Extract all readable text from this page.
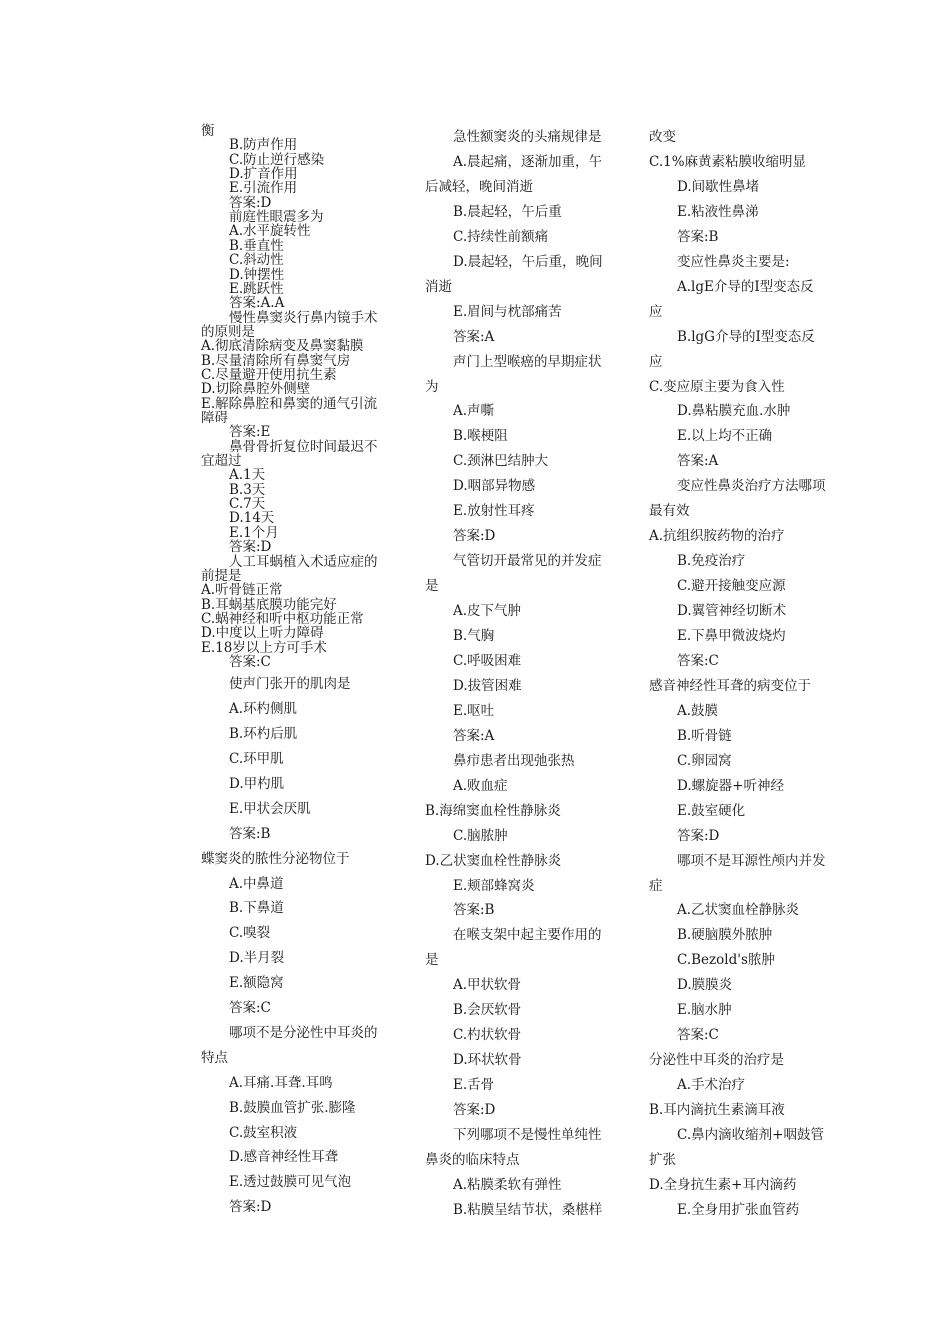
衡
B.防声作用
C.防止逆行感染
D.扩音作用
E.引流作用
答案:D
前庭性眼震多为
A.水平旋转性
B.垂直性
C.斜动性
D.钟摆性
E.跳跃性
答案:A.A
慢性鼻窦炎行鼻内镜手术
的原则是
A.彻底清除病变及鼻窦黏膜
B.尽量清除所有鼻窦气房
C.尽量避开使用抗生素
D.切除鼻腔外侧壁
E.解除鼻腔和鼻窦的通气引流
障碍
答案:E
鼻骨骨折复位时间最迟不
宜超过
A.1天
B.3天
C.7天
D.14天
E.1个月
答案:D
人工耳蜗植入术适应症的
前提是
A.听骨链正常
B.耳蜗基底膜功能完好
C.蜗神经和听中枢功能正常
D.中度以上听力障碍
E.18岁以上方可手术
答案:C
使声门张开的肌肉是
A.环杓侧肌
B.环杓后肌
C.环甲肌
D.甲杓肌
E.甲状会厌肌
答案:B
蝶窦炎的脓性分泌物位于
A.中鼻道
B.下鼻道
C.嗅裂
D.半月裂
E.额隐窝
答案:C
哪项不是分泌性中耳炎的
特点
A.耳痛.耳聋.耳鸣
B.鼓膜血管扩张.膨隆
C.鼓室积液
D.感音神经性耳聋
E.透过鼓膜可见气泡
答案:D
急性额窦炎的头痛规律是
A.晨起痛，逐渐加重，午
后减轻，晚间消逝
B.晨起轻，午后重
C.持续性前额痛
D.晨起轻，午后重，晚间
消逝
E.眉间与枕部痛苦
答案:A
声门上型喉癌的早期症状
为
A.声嘶
B.喉梗阻
C.颈淋巴结肿大
D.咽部异物感
E.放射性耳疼
答案:D
气管切开最常见的并发症
是
A.皮下气肿
B.气胸
C.呼吸困难
D.拔管困难
E.呕吐
答案:A
鼻疖患者出现弛张热
A.败血症
B.海绵窦血栓性静脉炎
C.脑脓肿
D.乙状窦血栓性静脉炎
E.颊部蜂窝炎
答案:B
在喉支架中起主要作用的
是
A.甲状软骨
B.会厌软骨
C.杓状软骨
D.环状软骨
E.舌骨
答案:D
下列哪项不是慢性单纯性
鼻炎的临床特点
A.粘膜柔软有弹性
B.粘膜呈结节状，桑椹样
改变
C.1%麻黄素粘膜收缩明显
D.间歇性鼻堵
E.粘液性鼻涕
答案:B
变应性鼻炎主要是:
A.lgE介导的Ⅰ型变态反
应
B.lgG介导的Ⅰ型变态反
应
C.变应原主要为食入性
D.鼻粘膜充血.水肿
E.以上均不正确
答案:A
变应性鼻炎治疗方法哪项
最有效
A.抗组织胺药物的治疗
B.免疫治疗
C.避开接触变应源
D.翼管神经切断术
E.下鼻甲微波烧灼
答案:C
感音神经性耳聋的病变位于
A.鼓膜
B.听骨链
C.卵园窝
D.螺旋器+听神经
E.鼓室硬化
答案:D
哪项不是耳源性颅内并发
症
A.乙状窦血栓静脉炎
B.硬脑膜外脓肿
C.Bezold's脓肿
D.膜膜炎
E.脑水肿
答案:C
分泌性中耳炎的治疗是
A.手术治疗
B.耳内滴抗生素滴耳液
C.鼻内滴收缩剂+咽鼓管
扩张
D.全身抗生素+耳内滴药
E.全身用扩张血管药
